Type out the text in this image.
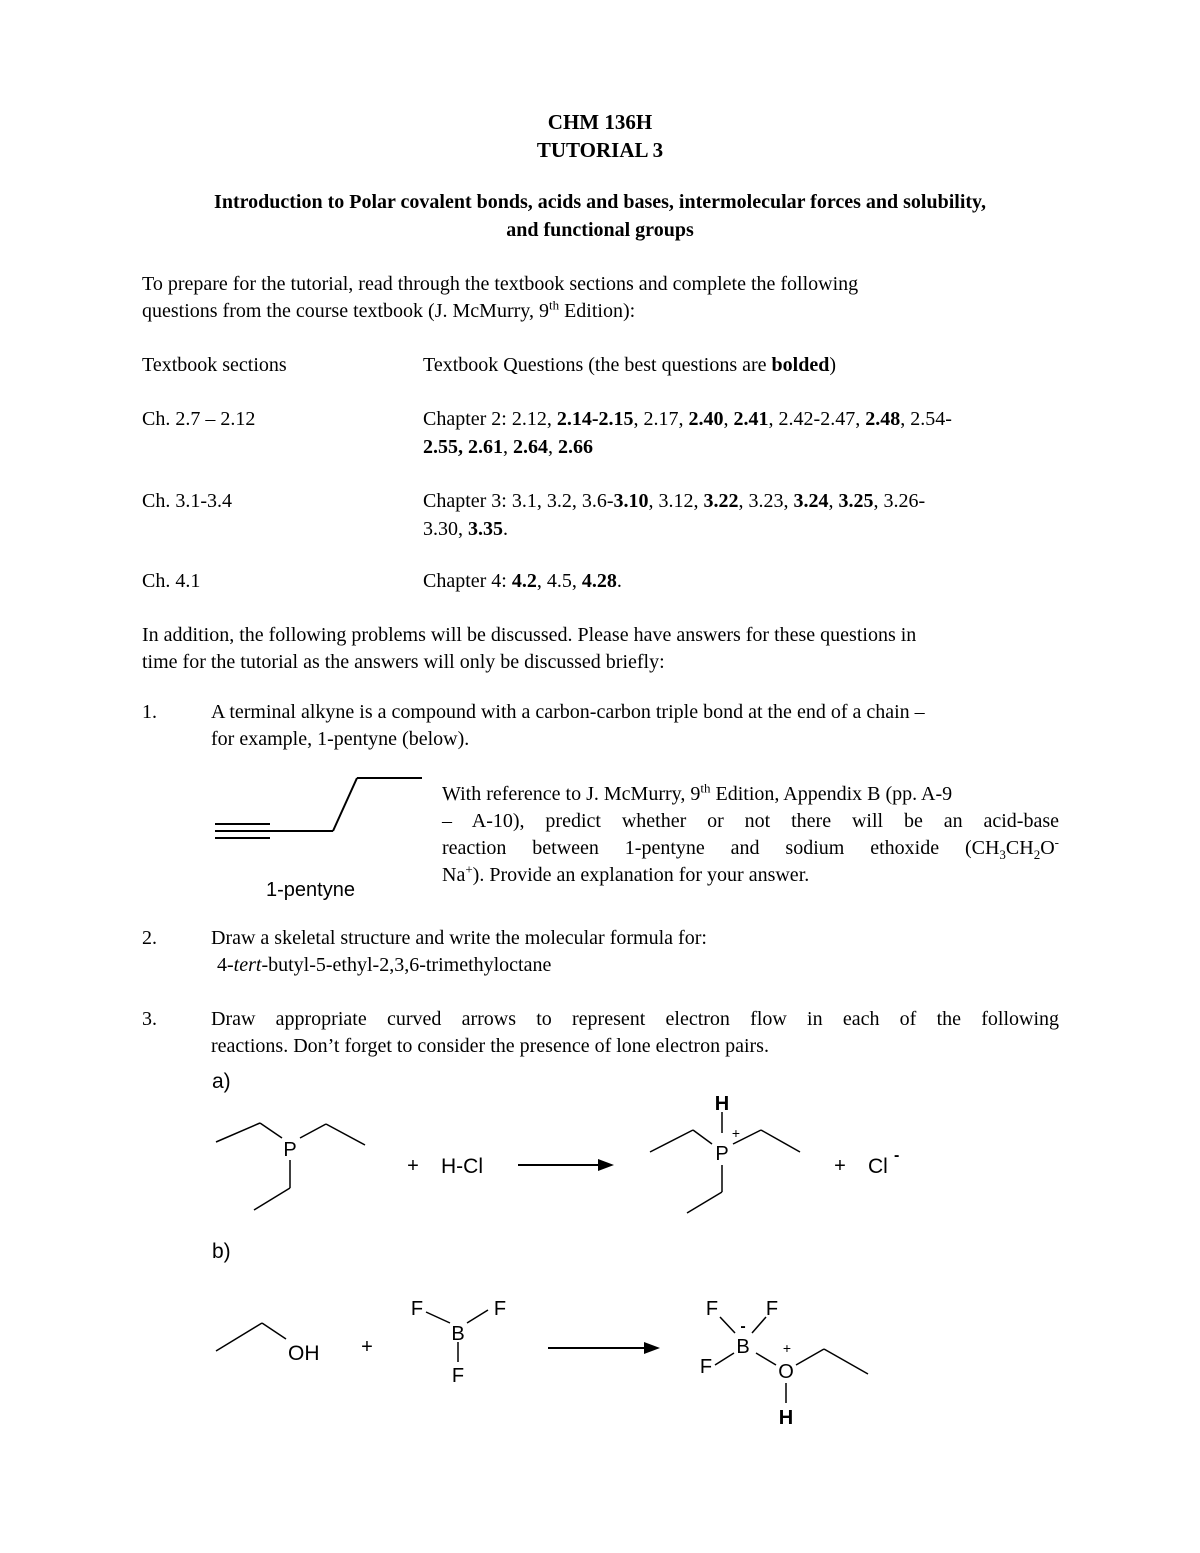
CHM 136H
TUTORIAL 3
Introduction to Polar covalent bonds, acids and bases, intermolecular forces and solubility,
and functional groups
To prepare for the tutorial, read through the textbook sections and complete the following
questions from the course textbook (J. McMurry, 9th Edition):
Textbook sections	Textbook Questions (the best questions are bolded)
Ch. 2.7 – 2.12	Chapter 2: 2.12, 2.14-2.15, 2.17, 2.40, 2.41, 2.42-2.47, 2.48, 2.54-
2.55, 2.61, 2.64, 2.66
Ch. 3.1-3.4	Chapter 3: 3.1, 3.2, 3.6-3.10, 3.12, 3.22, 3.23, 3.24, 3.25, 3.26-
3.30, 3.35.
Ch. 4.1	Chapter 4: 4.2, 4.5, 4.28.
In addition, the following problems will be discussed. Please have answers for these questions in
time for the tutorial as the answers will only be discussed briefly:
1.	A terminal alkyne is a compound with a carbon-carbon triple bond at the end of a chain –
for example, 1-pentyne (below).
1-pentyne
With reference to J. McMurry, 9th Edition, Appendix B (pp. A-9
– A-10), predict whether or not there will be an acid-base
reaction between 1-pentyne and sodium ethoxide ($CH_3CH_2O^-$
Na+). Provide an explanation for your answer.
2.	Draw a skeletal structure and write the molecular formula for:
4-tert-butyl-5-ethyl-2,3,6-trimethyloctane
3.	Draw appropriate curved arrows to represent electron flow in each of the following
reactions. Don’t forget to consider the presence of lone electron pairs.
a)
P
+ H-Cl
H
+
P
+ Cl -
b)
OH +
F	F
B
F
F F
-
B
F
+
O
H
